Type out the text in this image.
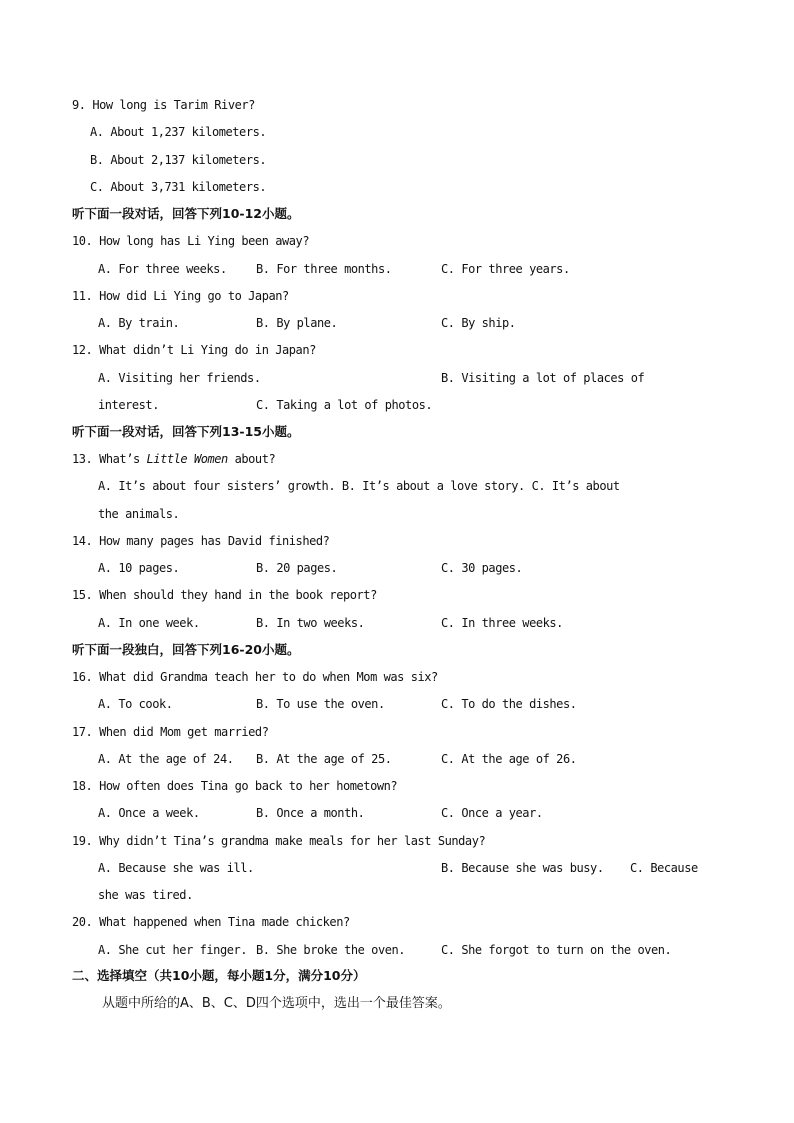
9. How long is Tarim River?
A. About 1,237 kilometers.
B. About 2,137 kilometers.
C. About 3,731 kilometers.
听下面一段对话，回答下列10-12小题。
10. How long has Li Ying been away?
A. For three weeks. B. For three months.	C. For three years.
11. How did Li Ying go to Japan?
A. By train.	B. By plane.	C. By ship.
12. What didn’t Li Ying do in Japan?
A. Visiting her friends.	B. Visiting a lot of places of
interest.	C. Taking a lot of photos.
听下面一段对话，回答下列13-15小题。
13. What’s Little Women about?
A. It’s about four sisters’ growth. B. It’s about a love story. C. It’s about
the animals.
14. How many pages has David finished?
A. 10 pages.	B. 20 pages.	C. 30 pages.
15. When should they hand in the book report?
A. In one week.	B. In two weeks.	C. In three weeks.
听下面一段独白，回答下列16-20小题。
16. What did Grandma teach her to do when Mom was six?
A. To cook.	B. To use the oven.	C. To do the dishes.
17. When did Mom get married?
A. At the age of 24. B. At the age of 25.	C. At the age of 26.
18. How often does Tina go back to her hometown?
A. Once a week.	B. Once a month.	C. Once a year.
19. Why didn’t Tina’s grandma make meals for her last Sunday?
A. Because she was ill.	B. Because she was busy. C. Because
she was tired.
20. What happened when Tina made chicken?
A. She cut her finger. B. She broke the oven.	C. She forgot to turn on the oven.
二、选择填空（共10小题，每小题1分，满分10分）
从题中所给的A、B、C、D四个选项中，选出一个最佳答案。
